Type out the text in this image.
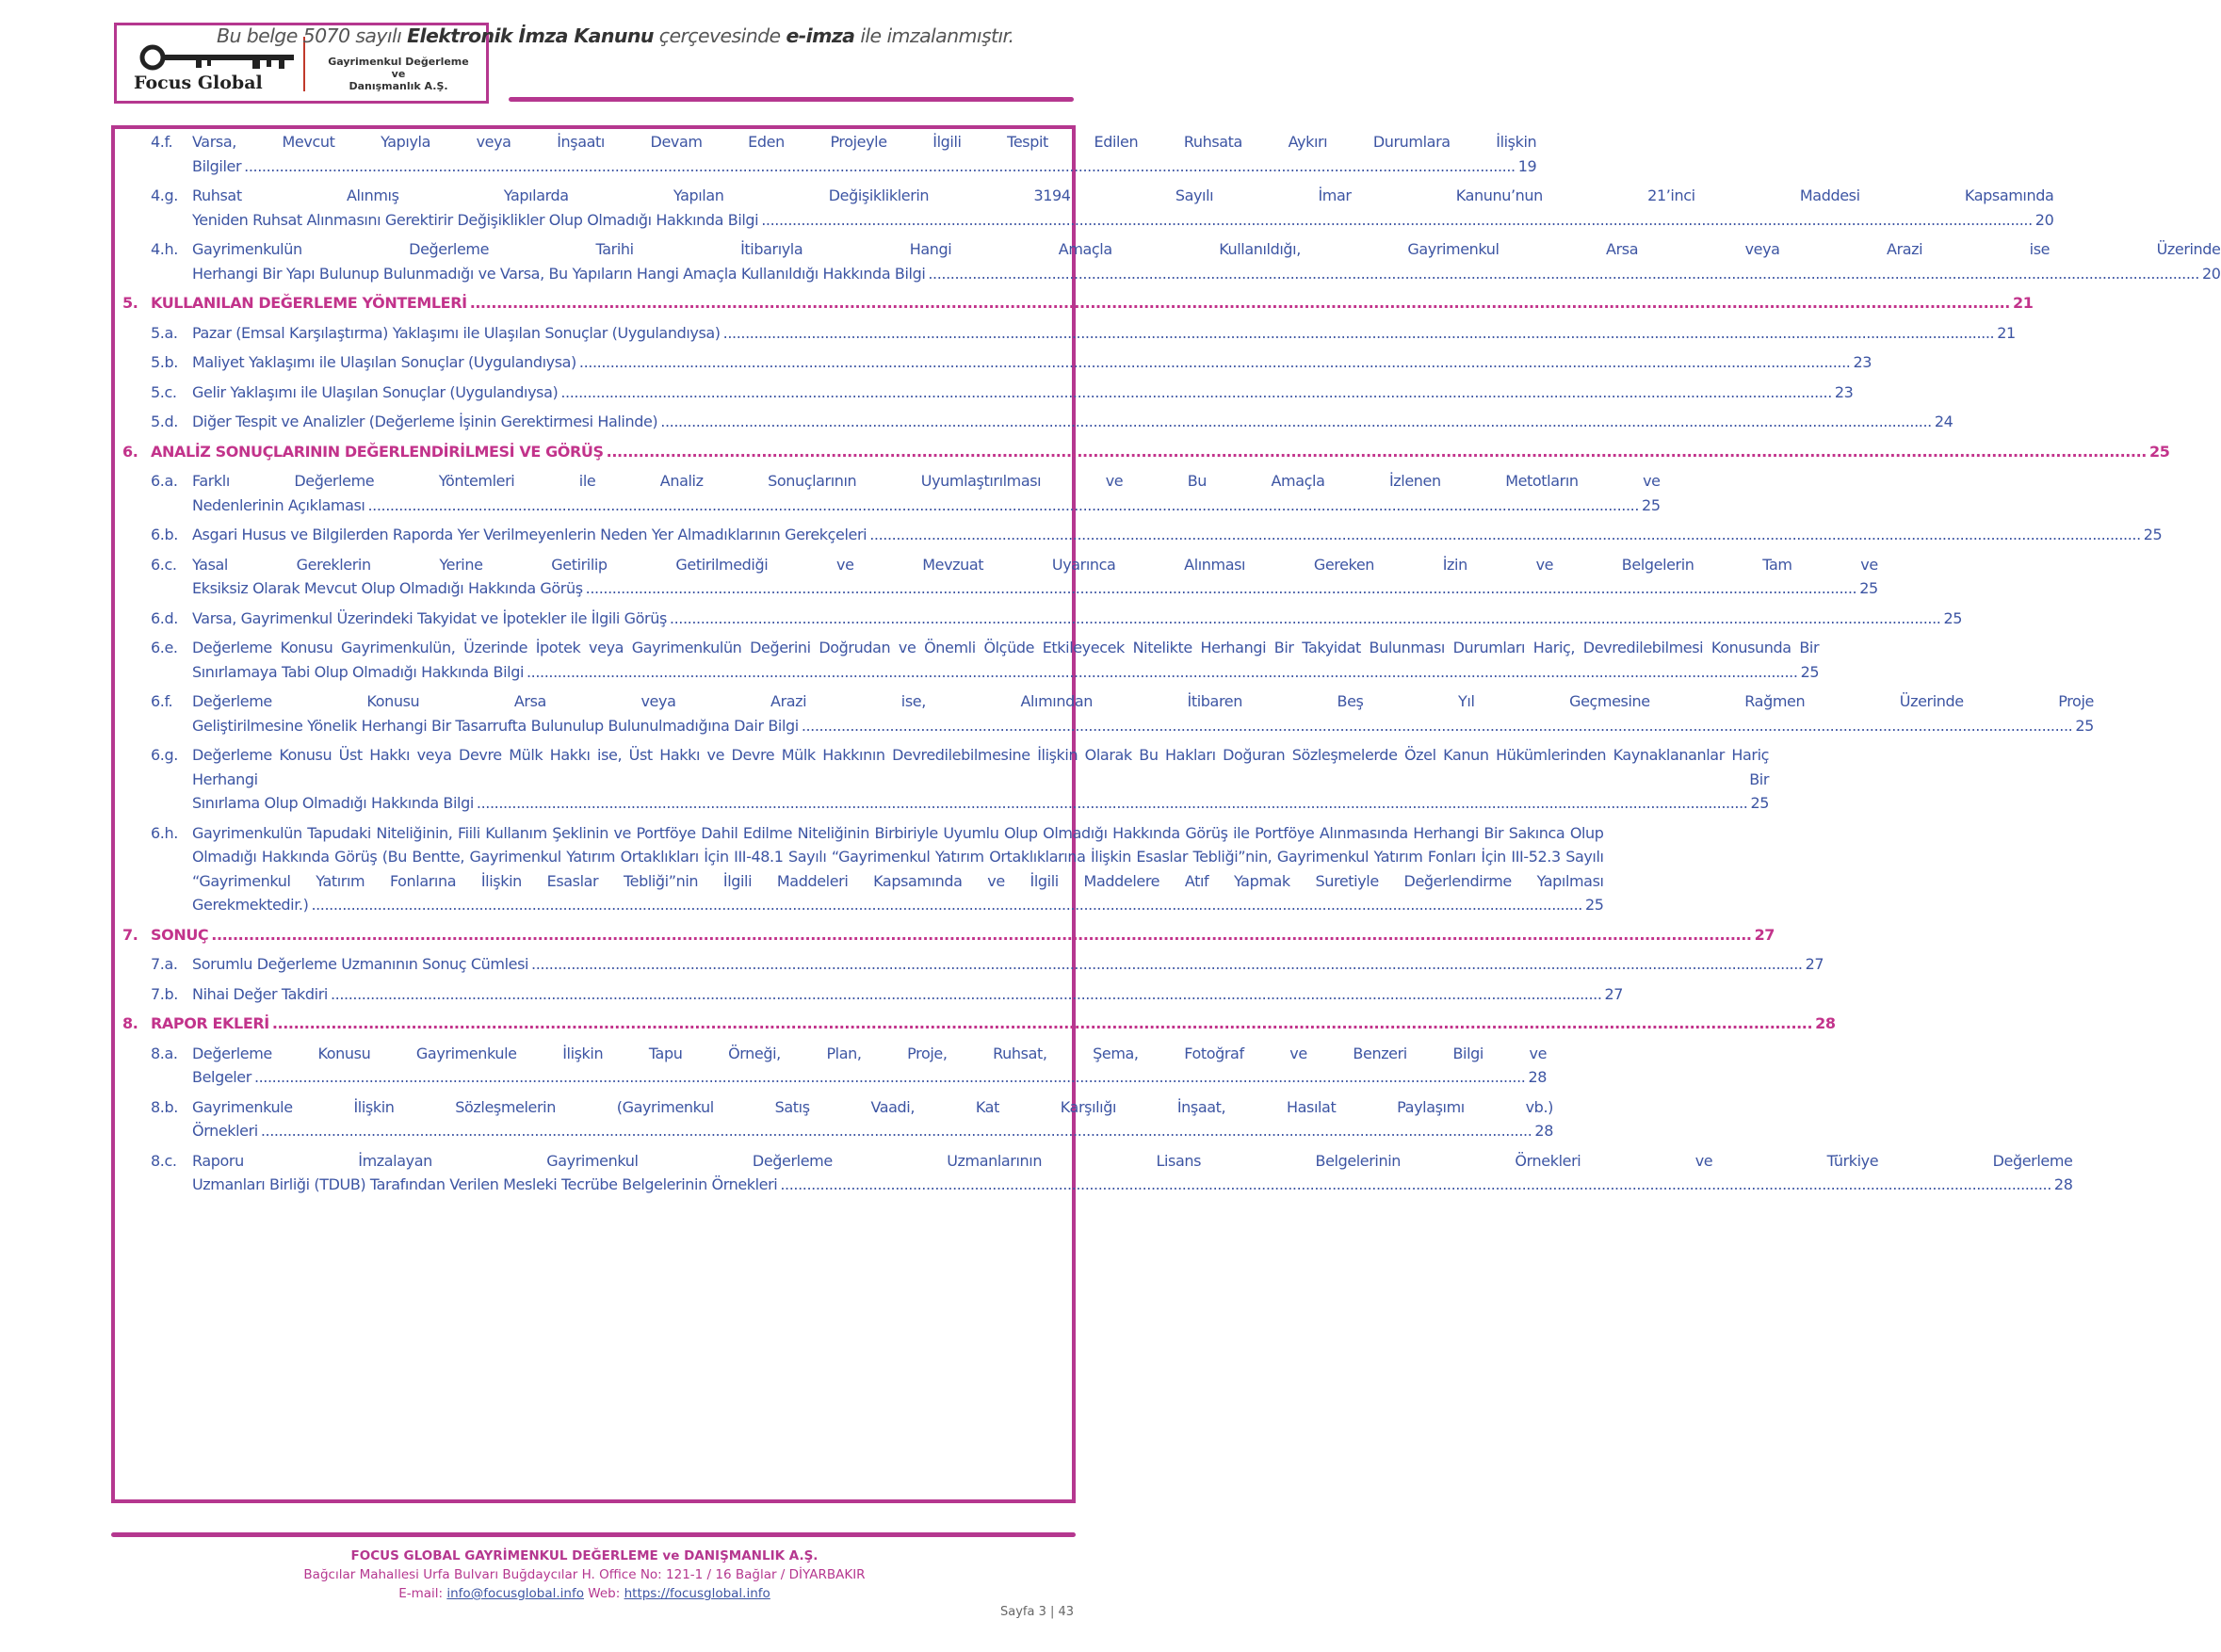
Focus Global
Gayrimenkul Değerleme
ve
Danışmanlık A.Ş.
Bu belge 5070 sayılı Elektronik İmza Kanunu çerçevesinde e-imza ile imzalanmıştır.
4.f.	Varsa, Mevcut Yapıyla veya İnşaatı Devam Eden Projeyle İlgili Tespit Edilen Ruhsata Aykırı Durumlara İlişkin
Bilgiler .....	19
4.g. Ruhsat Alınmış Yapılarda Yapılan Değişikliklerin 3194 Sayılı İmar Kanunu’nun 21’inci Maddesi Kapsamında
Yeniden Ruhsat Alınmasını Gerektirir Değişiklikler Olup Olmadığı Hakkında Bilgi .....	20
4.h. Gayrimenkulün Değerleme Tarihi İtibarıyla Hangi Amaçla Kullanıldığı, Gayrimenkul Arsa veya Arazi ise Üzerinde
Herhangi Bir Yapı Bulunup Bulunmadığı ve Varsa, Bu Yapıların Hangi Amaçla Kullanıldığı Hakkında Bilgi .....	20
5. KULLANILAN DEĞERLEME YÖNTEMLERİ .....	21
5.a. Pazar (Emsal Karşılaştırma) Yaklaşımı ile Ulaşılan Sonuçlar (Uygulandıysa) .....	21
5.b. Maliyet Yaklaşımı ile Ulaşılan Sonuçlar (Uygulandıysa) .....	23
5.c.	Gelir Yaklaşımı ile Ulaşılan Sonuçlar (Uygulandıysa) .....	23
5.d. Diğer Tespit ve Analizler (Değerleme İşinin Gerektirmesi Halinde) .....	24
6. ANALİZ SONUÇLARININ DEĞERLENDİRİLMESİ VE GÖRÜŞ .....	25
6.a. Farklı Değerleme Yöntemleri ile Analiz Sonuçlarının Uyumlaştırılması ve Bu Amaçla İzlenen Metotların ve
Nedenlerinin Açıklaması .....	25
6.b. Asgari Husus ve Bilgilerden Raporda Yer Verilmeyenlerin Neden Yer Almadıklarının Gerekçeleri .....	25
6.c.	Yasal Gereklerin Yerine Getirilip Getirilmediği ve Mevzuat Uyarınca Alınması Gereken İzin ve Belgelerin Tam ve
Eksiksiz Olarak Mevcut Olup Olmadığı Hakkında Görüş .....	25
6.d. Varsa, Gayrimenkul Üzerindeki Takyidat ve İpotekler ile İlgili Görüş .....	25
6.e. Değerleme Konusu Gayrimenkulün, Üzerinde İpotek veya Gayrimenkulün Değerini Doğrudan ve Önemli Ölçüde Etkileyecek Nitelikte Herhangi Bir Takyidat Bulunması Durumları Hariç, Devredilebilmesi Konusunda Bir
Sınırlamaya Tabi Olup Olmadığı Hakkında Bilgi .....	25
6.f.	Değerleme Konusu Arsa veya Arazi ise, Alımından İtibaren Beş Yıl Geçmesine Rağmen Üzerinde Proje
Geliştirilmesine Yönelik Herhangi Bir Tasarrufta Bulunulup Bulunulmadığına Dair Bilgi .....	25
6.g. Değerleme Konusu Üst Hakkı veya Devre Mülk Hakkı ise, Üst Hakkı ve Devre Mülk Hakkının Devredilebilmesine İlişkin Olarak Bu Hakları Doğuran Sözleşmelerde Özel Kanun Hükümlerinden Kaynaklananlar Hariç Herhangi Bir
Sınırlama Olup Olmadığı Hakkında Bilgi .....	25
6.h. Gayrimenkulün Tapudaki Niteliğinin, Fiili Kullanım Şeklinin ve Portföye Dahil Edilme Niteliğinin Birbiriyle Uyumlu Olup Olmadığı Hakkında Görüş ile Portföye Alınmasında Herhangi Bir Sakınca Olup Olmadığı Hakkında Görüş (Bu Bentte, Gayrimenkul Yatırım Ortaklıkları İçin III-48.1 Sayılı “Gayrimenkul Yatırım Ortaklıklarına İlişkin Esaslar Tebliği”nin, Gayrimenkul Yatırım Fonları İçin III-52.3 Sayılı “Gayrimenkul Yatırım Fonlarına İlişkin Esaslar Tebliği”nin İlgili Maddeleri Kapsamında ve İlgili Maddelere Atıf Yapmak Suretiyle Değerlendirme Yapılması
Gerekmektedir.) .....	25
7. SONUÇ .....	27
7.a. Sorumlu Değerleme Uzmanının Sonuç Cümlesi .....	27
7.b. Nihai Değer Takdiri .....	27
8. RAPOR EKLERİ .....	28
8.a. Değerleme Konusu Gayrimenkule İlişkin Tapu Örneği, Plan, Proje, Ruhsat, Şema, Fotoğraf ve Benzeri Bilgi ve
Belgeler .....	28
8.b. Gayrimenkule İlişkin Sözleşmelerin (Gayrimenkul Satış Vaadi, Kat Karşılığı İnşaat, Hasılat Paylaşımı vb.)
Örnekleri .....	28
8.c.	Raporu İmzalayan Gayrimenkul Değerleme Uzmanlarının Lisans Belgelerinin Örnekleri ve Türkiye Değerleme
Uzmanları Birliği (TDUB) Tarafından Verilen Mesleki Tecrübe Belgelerinin Örnekleri .....	28
FOCUS GLOBAL GAYRİMENKUL DEĞERLEME ve DANIŞMANLIK A.Ş.
Bağcılar Mahallesi Urfa Bulvarı Buğdaycılar H. Office No: 121-1 / 16 Bağlar / DİYARBAKIR
E-mail: info@focusglobal.info Web: https://focusglobal.info
Sayfa 3 | 43
